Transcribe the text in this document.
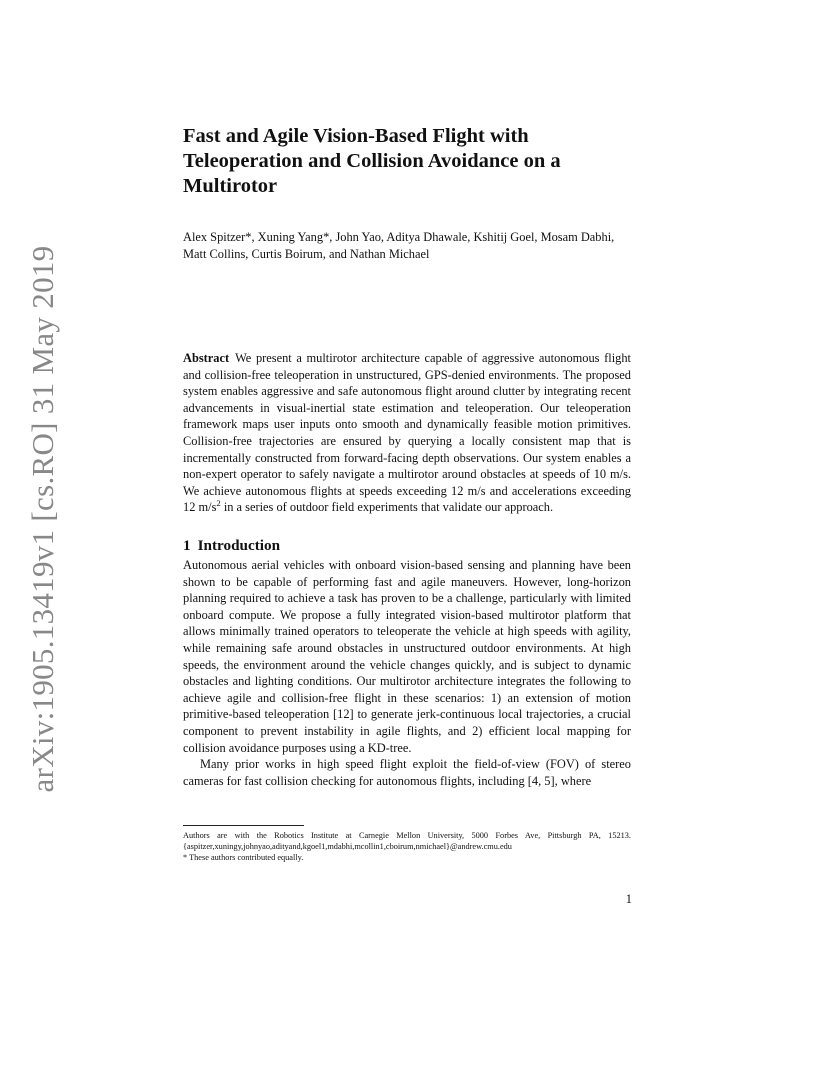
arXiv:1905.13419v1 [cs.RO] 31 May 2019
Fast and Agile Vision-Based Flight with Teleoperation and Collision Avoidance on a Multirotor

Alex Spitzer*, Xuning Yang*, John Yao, Aditya Dhawale, Kshitij Goel, Mosam Dabhi, Matt Collins, Curtis Boirum, and Nathan Michael

Abstract We present a multirotor architecture capable of aggressive autonomous flight and collision-free teleoperation in unstructured, GPS-denied environments. The proposed system enables aggressive and safe autonomous flight around clutter by integrating recent advancements in visual-inertial state estimation and teleoperation. Our teleoperation framework maps user inputs onto smooth and dynamically feasible motion primitives. Collision-free trajectories are ensured by querying a locally consistent map that is incrementally constructed from forward-facing depth observations. Our system enables a non-expert operator to safely navigate a multirotor around obstacles at speeds of 10 m/s. We achieve autonomous flights at speeds exceeding 12 m/s and accelerations exceeding 12 $m/s^2$ in a series of outdoor field experiments that validate our approach.

1 Introduction

Autonomous aerial vehicles with onboard vision-based sensing and planning have been shown to be capable of performing fast and agile maneuvers. However, long-horizon planning required to achieve a task has proven to be a challenge, particularly with limited onboard compute. We propose a fully integrated vision-based multirotor platform that allows minimally trained operators to teleoperate the vehicle at high speeds with agility, while remaining safe around obstacles in unstructured outdoor environments. At high speeds, the environment around the vehicle changes quickly, and is subject to dynamic obstacles and lighting conditions. Our multirotor architecture integrates the following to achieve agile and collision-free flight in these scenarios: 1) an extension of motion primitive-based teleoperation [12] to generate jerk-continuous local trajectories, a crucial component to prevent instability in agile flights, and 2) efficient local mapping for collision avoidance purposes using a KD-tree.

Many prior works in high speed flight exploit the field-of-view (FOV) of stereo cameras for fast collision checking for autonomous flights, including [4, 5], where

Authors are with the Robotics Institute at Carnegie Mellon University, 5000 Forbes Ave, Pittsburgh PA, 15213. {aspitzer,xuningy,johnyao,adityand,kgoel1,mdabhi,mcollin1,cboirum,nmichael}@andrew.cmu.edu

* These authors contributed equally.

1
